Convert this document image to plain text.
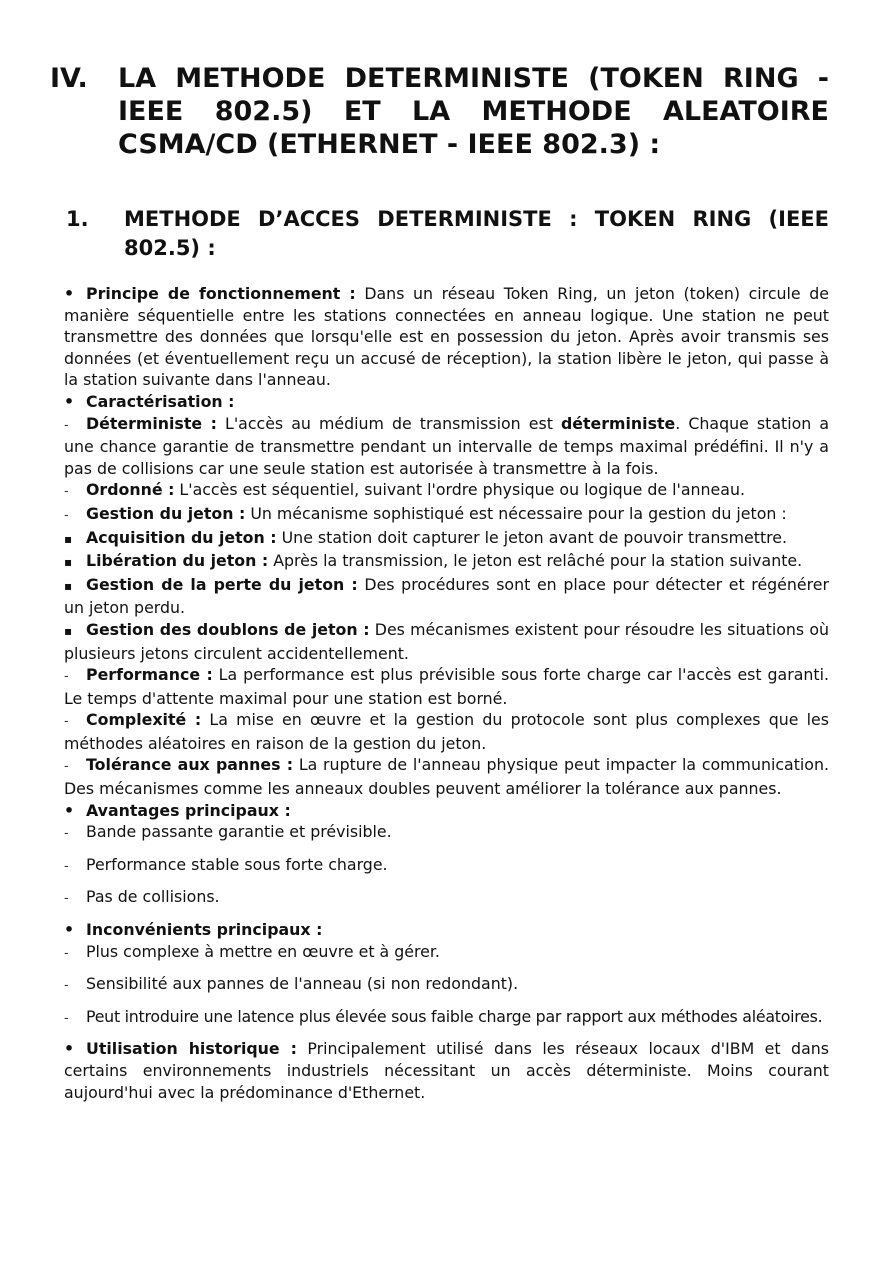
IV.	LA METHODE DETERMINISTE (TOKEN RING - IEEE 802.5) ET LA METHODE ALEATOIRE CSMA/CD (ETHERNET - IEEE 802.3) :
1.	METHODE D’ACCES DETERMINISTE : TOKEN RING (IEEE 802.5) :

•Principe de fonctionnement : Dans un réseau Token Ring, un jeton (token) circule de manière séquentielle entre les stations connectées en anneau logique. Une station ne peut transmettre des données que lorsqu'elle est en possession du jeton. Après avoir transmis ses données (et éventuellement reçu un accusé de réception), la station libère le jeton, qui passe à la station suivante dans l'anneau.

•Caractérisation :

-Déterministe : L'accès au médium de transmission est déterministe. Chaque station a une chance garantie de transmettre pendant un intervalle de temps maximal prédéfini. Il n'y a pas de collisions car une seule station est autorisée à transmettre à la fois.

-Ordonné : L'accès est séquentiel, suivant l'ordre physique ou logique de l'anneau.

-Gestion du jeton : Un mécanisme sophistiqué est nécessaire pour la gestion du jeton :

▪Acquisition du jeton : Une station doit capturer le jeton avant de pouvoir transmettre.

▪Libération du jeton : Après la transmission, le jeton est relâché pour la station suivante.

▪Gestion de la perte du jeton : Des procédures sont en place pour détecter et régénérer un jeton perdu.

▪Gestion des doublons de jeton : Des mécanismes existent pour résoudre les situations où plusieurs jetons circulent accidentellement.

-Performance : La performance est plus prévisible sous forte charge car l'accès est garanti. Le temps d'attente maximal pour une station est borné.

-Complexité : La mise en œuvre et la gestion du protocole sont plus complexes que les méthodes aléatoires en raison de la gestion du jeton.

-Tolérance aux pannes : La rupture de l'anneau physique peut impacter la communication. Des mécanismes comme les anneaux doubles peuvent améliorer la tolérance aux pannes.

•Avantages principaux :

-Bande passante garantie et prévisible.

-Performance stable sous forte charge.

-Pas de collisions.

•Inconvénients principaux :

-Plus complexe à mettre en œuvre et à gérer.

-Sensibilité aux pannes de l'anneau (si non redondant).

-Peut introduire une latence plus élevée sous faible charge par rapport aux méthodes aléatoires.

•Utilisation historique : Principalement utilisé dans les réseaux locaux d'IBM et dans certains environnements industriels nécessitant un accès déterministe. Moins courant aujourd'hui avec la prédominance d'Ethernet.
